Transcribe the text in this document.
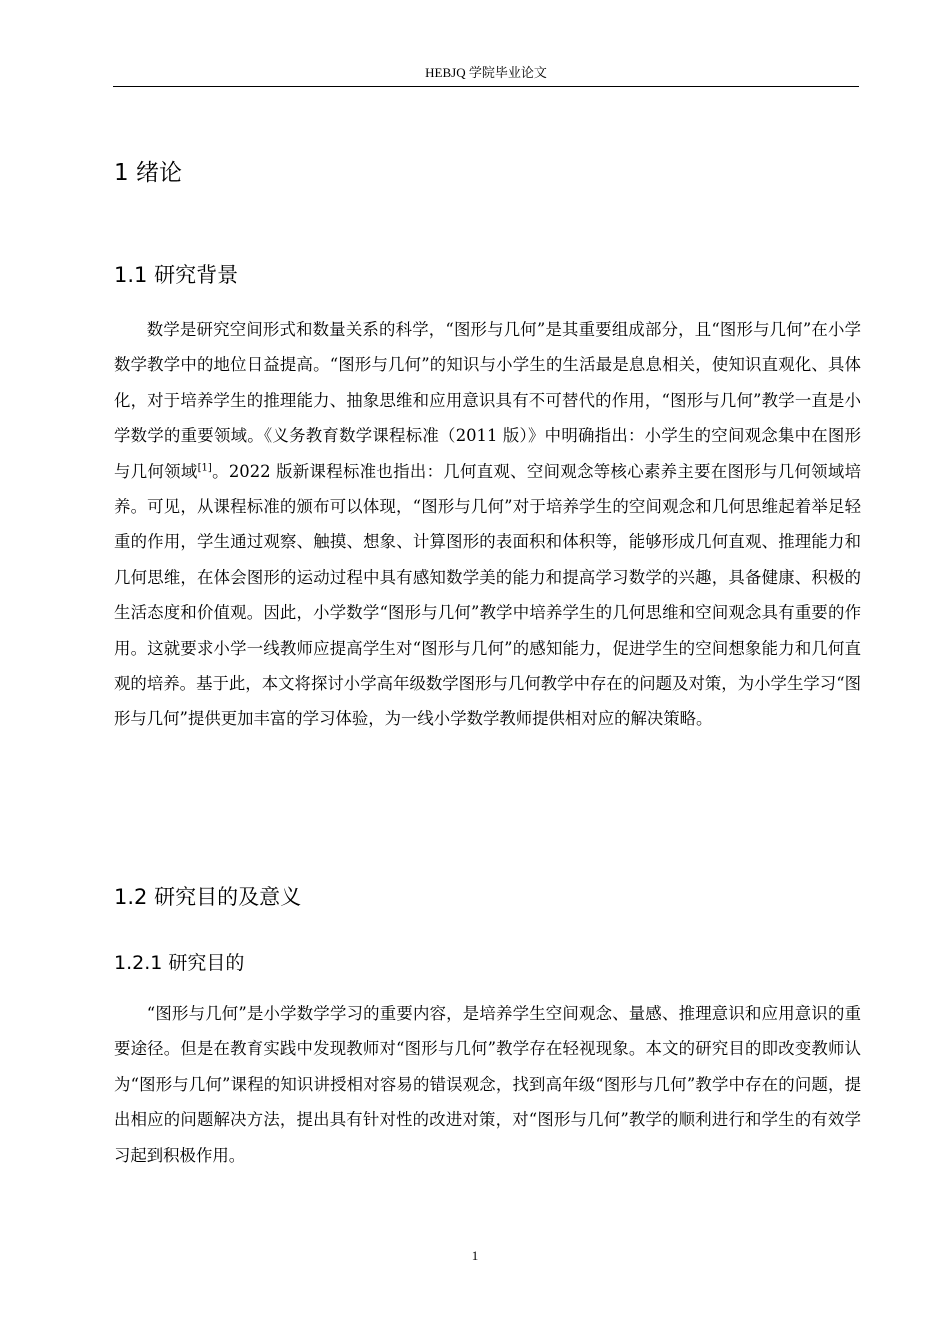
HEBJQ 学院毕业论文
1 绪论
1.1 研究背景
数学是研究空间形式和数量关系的科学，“图形与几何”是其重要组成部分，且“图形与几何”在小学数学教学中的地位日益提高。“图形与几何”的知识与小学生的生活最是息息相关，使知识直观化、具体化，对于培养学生的推理能力、抽象思维和应用意识具有不可替代的作用，“图形与几何”教学一直是小学数学的重要领域。《义务教育数学课程标准（2011 版）》中明确指出：小学生的空间观念集中在图形与几何领域[1]。2022 版新课程标准也指出：几何直观、空间观念等核心素养主要在图形与几何领域培养。可见，从课程标准的颁布可以体现，“图形与几何”对于培养学生的空间观念和几何思维起着举足轻重的作用，学生通过观察、触摸、想象、计算图形的表面积和体积等，能够形成几何直观、推理能力和几何思维，在体会图形的运动过程中具有感知数学美的能力和提高学习数学的兴趣，具备健康、积极的生活态度和价值观。因此，小学数学“图形与几何”教学中培养学生的几何思维和空间观念具有重要的作用。这就要求小学一线教师应提高学生对“图形与几何”的感知能力，促进学生的空间想象能力和几何直观的培养。基于此，本文将探讨小学高年级数学图形与几何教学中存在的问题及对策，为小学生学习“图形与几何”提供更加丰富的学习体验，为一线小学数学教师提供相对应的解决策略。
1.2 研究目的及意义
1.2.1 研究目的
“图形与几何”是小学数学学习的重要内容，是培养学生空间观念、量感、推理意识和应用意识的重要途径。但是在教育实践中发现教师对“图形与几何”教学存在轻视现象。本文的研究目的即改变教师认为“图形与几何”课程的知识讲授相对容易的错误观念，找到高年级“图形与几何”教学中存在的问题，提出相应的问题解决方法，提出具有针对性的改进对策，对“图形与几何”教学的顺利进行和学生的有效学习起到积极作用。
1
